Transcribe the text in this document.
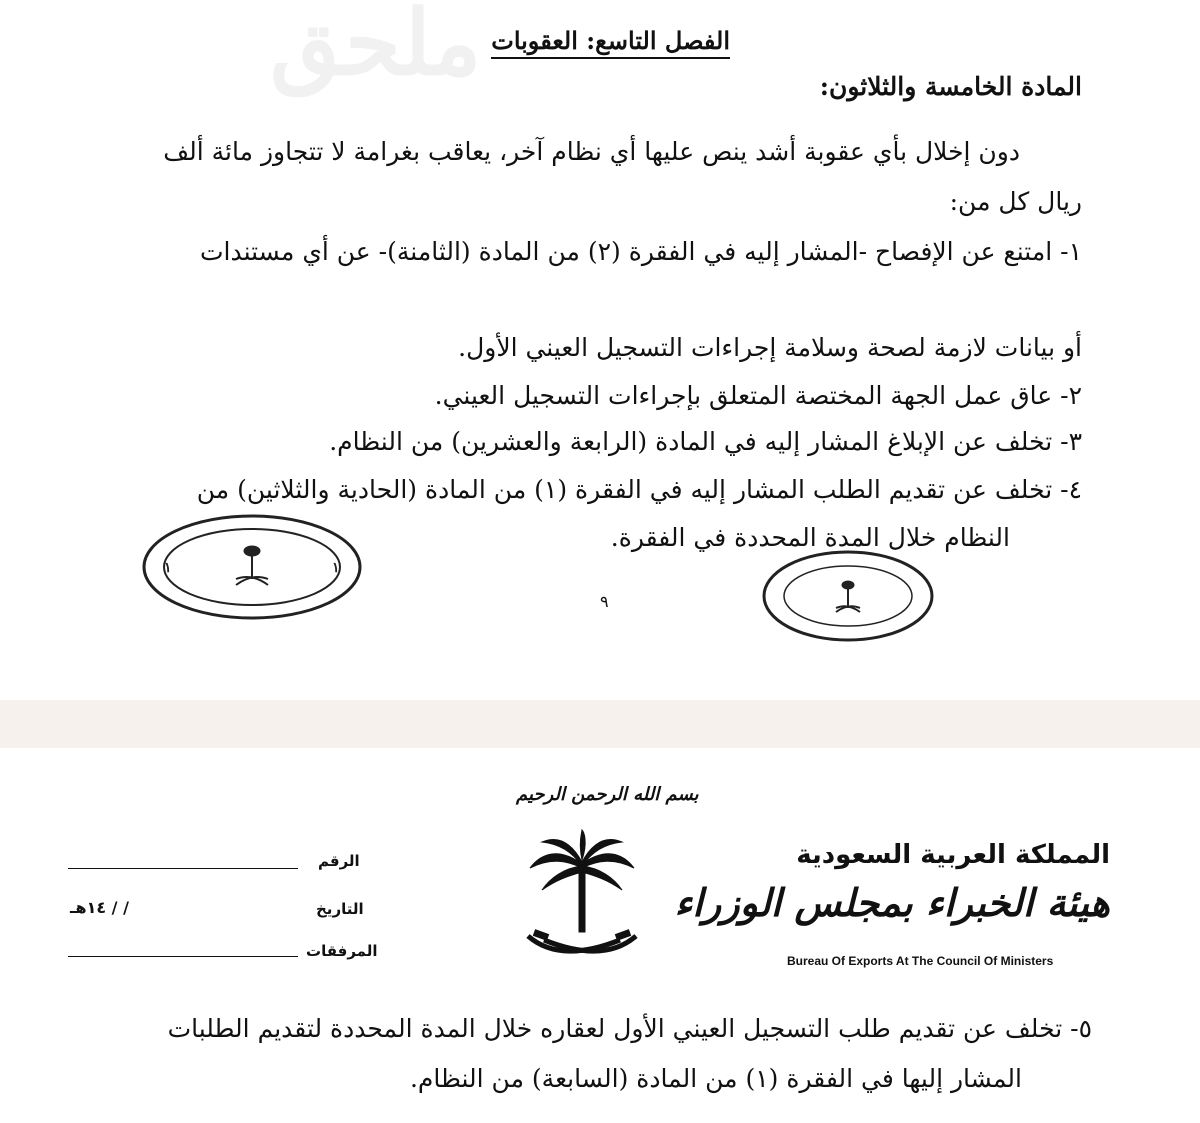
ملحق الفصل التاسع: العقوبات
المادة الخامسة والثلاثون:
دون إخلال بأي عقوبة أشد ينص عليها أي نظام آخر، يعاقب بغرامة لا تتجاوز مائة ألف
ريال كل من:
١- امتنع عن الإفصاح -المشار إليه في الفقرة (٢) من المادة (الثامنة)- عن أي مستندات
أو بيانات لازمة لصحة وسلامة إجراءات التسجيل العيني الأول.
٢- عاق عمل الجهة المختصة المتعلق بإجراءات التسجيل العيني.
٣- تخلف عن الإبلاغ المشار إليه في المادة (الرابعة والعشرين) من النظام.
٤- تخلف عن تقديم الطلب المشار إليه في الفقرة (١) من المادة (الحادية والثلاثين) من
النظام خلال المدة المحددة في الفقرة.
١	١
٩
بسم الله الرحمن الرحيم
المملكة العربية السعودية
هيئة الخبراء بمجلس الوزراء
Bureau Of Exports At The Council Of Ministers
الرقم
التاريخ
/ / ١٤هـ
المرفقات
٥- تخلف عن تقديم طلب التسجيل العيني الأول لعقاره خلال المدة المحددة لتقديم الطلبات
المشار إليها في الفقرة (١) من المادة (السابعة) من النظام.
